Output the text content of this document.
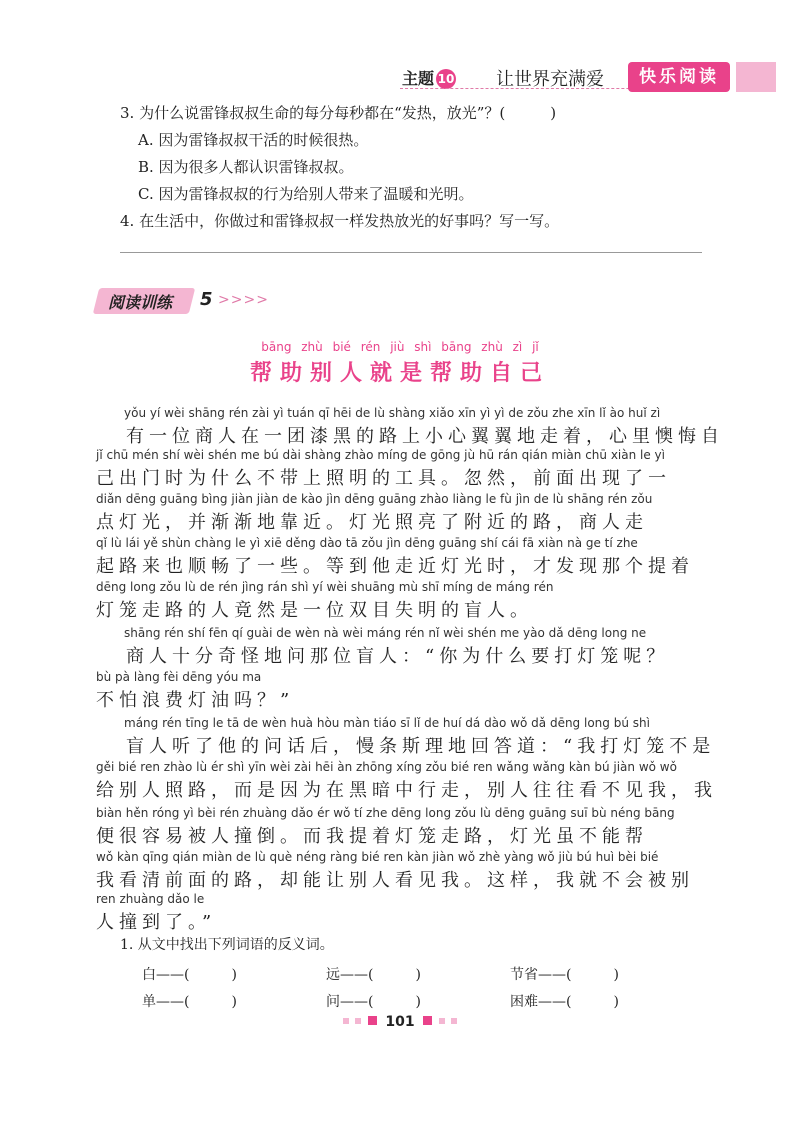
主题 10 让世界充满爱	快乐阅读
3. 为什么说雷锋叔叔生命的每分每秒都在“发热，放光”？(　　　)
A. 因为雷锋叔叔干活的时候很热。
B. 因为很多人都认识雷锋叔叔。
C. 因为雷锋叔叔的行为给别人带来了温暖和光明。
4. 在生活中，你做过和雷锋叔叔一样发热放光的好事吗？写一写。
阅读训练 5 >>>>
bāng zhù bié rén jiù shì bāng zhù zì jǐ
帮助别人就是帮助自己
yǒu yí wèi shāng rén zài yì tuán qī hēi de lù shàng xiǎo xīn yì yì de zǒu zhe xīn lǐ ào huǐ zì
有一位商人在一团漆黑的路上小心翼翼地走着，心里懊悔自
jǐ chū mén shí wèi shén me bú dài shàng zhào míng de gōng jù hū rán qián miàn chū xiàn le yì
己出门时为什么不带上照明的工具。忽然，前面出现了一
diǎn dēng guāng bìng jiàn jiàn de kào jìn dēng guāng zhào liàng le fù jìn de lù shāng rén zǒu
点灯光，并渐渐地靠近。灯光照亮了附近的路，商人走
qǐ lù lái yě shùn chàng le yì xiē děng dào tā zǒu jìn dēng guāng shí cái fā xiàn nà ge tí zhe
起路来也顺畅了一些。等到他走近灯光时，才发现那个提着
dēng long zǒu lù de rén jìng rán shì yí wèi shuāng mù shī míng de máng rén
灯笼走路的人竟然是一位双目失明的盲人。
shāng rén shí fēn qí guài de wèn nà wèi máng rén nǐ wèi shén me yào dǎ dēng long ne
商人十分奇怪地问那位盲人：“你为什么要打灯笼呢？
bù pà làng fèi dēng yóu ma
不怕浪费灯油吗？”
máng rén tīng le tā de wèn huà hòu màn tiáo sī lǐ de huí dá dào wǒ dǎ dēng long bú shì
盲人听了他的问话后，慢条斯理地回答道：“我打灯笼不是
gěi bié ren zhào lù ér shì yīn wèi zài hēi àn zhōng xíng zǒu bié ren wǎng wǎng kàn bú jiàn wǒ wǒ
给别人照路，而是因为在黑暗中行走，别人往往看不见我，我
biàn hěn róng yì bèi rén zhuàng dǎo ér wǒ tí zhe dēng long zǒu lù dēng guāng suī bù néng bāng
便很容易被人撞倒。而我提着灯笼走路，灯光虽不能帮
wǒ kàn qīng qián miàn de lù què néng ràng bié ren kàn jiàn wǒ zhè yàng wǒ jiù bú huì bèi bié
我看清前面的路，却能让别人看见我。这样，我就不会被别
ren zhuàng dǎo le
人撞到了。”
1. 从文中找出下列词语的反义词。
白——(　　　)	远——(　　　)	节省——(　　　)
单——(　　　)	问——(　　　)	困难——(　　　)
101
